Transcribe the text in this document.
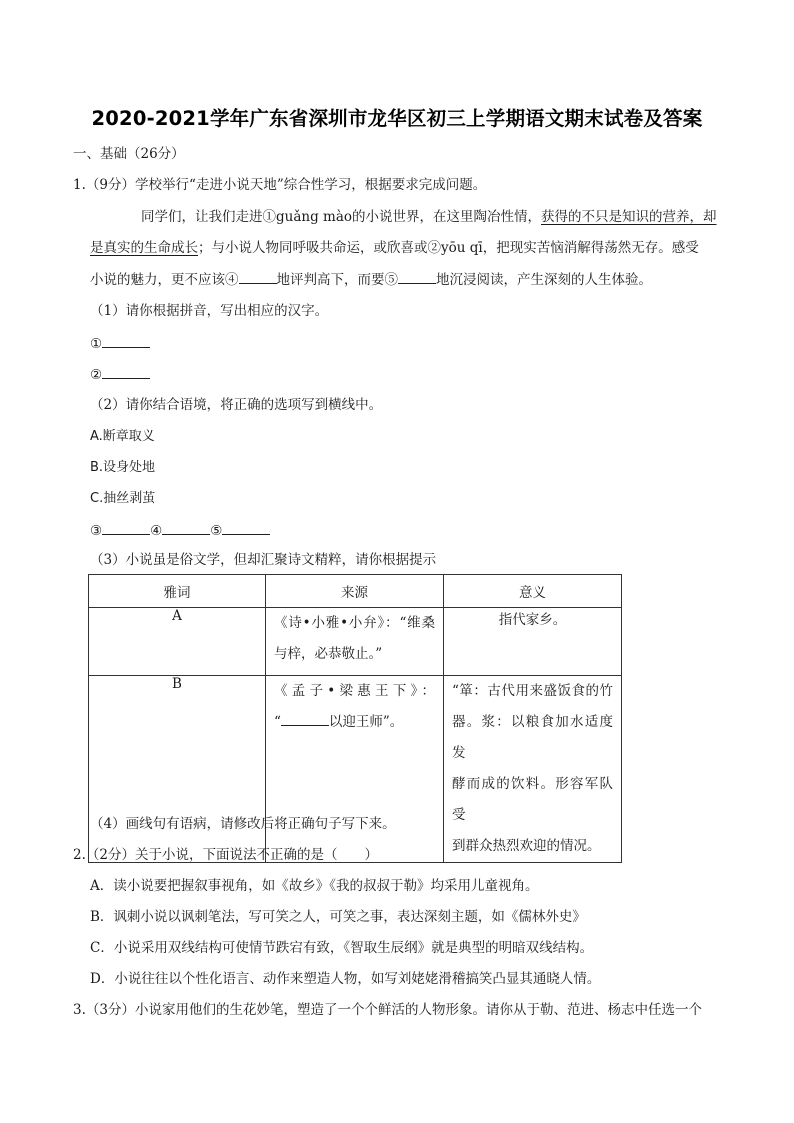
2020-2021学年广东省深圳市龙华区初三上学期语文期末试卷及答案
一、基础（26分）
1.（9分）学校举行“走进小说天地”综合性学习，根据要求完成问题。
同学们，让我们走进①guǎng mào的小说世界，在这里陶冶性情，获得的不只是知识的营养，却
是真实的生命成长；与小说人物同呼吸共命运，或欣喜或②yōu qī，把现实苦恼消解得荡然无存。感受
小说的魅力，更不应该④	地评判高下，而要⑤	地沉浸阅读，产生深刻的人生体验。
（1）请你根据拼音，写出相应的汉字。
①
②
（2）请你结合语境，将正确的选项写到横线中。
A.断章取义
B.设身处地
C.抽丝剥茧
③	④	⑤
（3）小说虽是俗文学，但却汇聚诗文精粹，请你根据提示
雅词	来源	意义
A	《诗•小雅•小弁》：“维桑
与梓，必恭敬止。”	指代家乡。
B	《孟子•梁惠王下》：
“ 以迎王师”。	“箪：古代用来盛饭食的竹
器。浆：以粮食加水适度发
酵而成的饮料。形容军队受
到群众热烈欢迎的情况。
（4）画线句有语病，请修改后将正确句子写下来。
2.（2分）关于小说，下面说法不正确的是（　　）
A．读小说要把握叙事视角，如《故乡》《我的叔叔于勒》均采用儿童视角。
B．讽刺小说以讽刺笔法，写可笑之人，可笑之事，表达深刻主题，如《儒林外史》
C．小说采用双线结构可使情节跌宕有致，《智取生辰纲》就是典型的明暗双线结构。
D．小说往往以个性化语言、动作来塑造人物，如写刘姥姥滑稽搞笑凸显其通晓人情。
3.（3分）小说家用他们的生花妙笔，塑造了一个个鲜活的人物形象。请你从于勒、范进、杨志中任选一个
